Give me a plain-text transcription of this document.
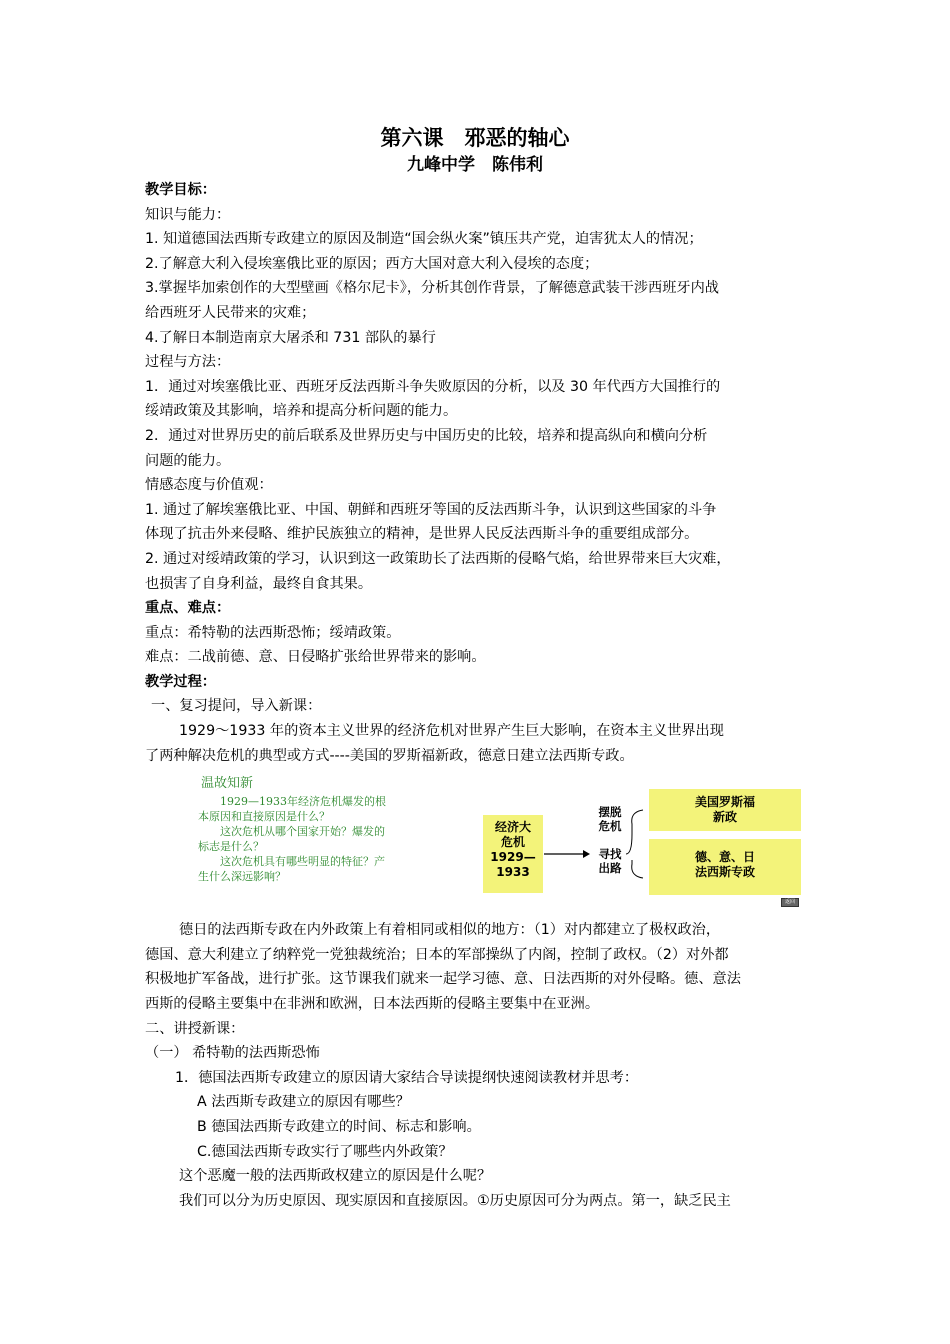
第六课　邪恶的轴心
九峰中学　陈伟利
教学目标：
知识与能力：
1. 知道德国法西斯专政建立的原因及制造“国会纵火案”镇压共产党，迫害犹太人的情况；
2.了解意大利入侵埃塞俄比亚的原因；西方大国对意大利入侵埃的态度；
3.掌握毕加索创作的大型壁画《格尔尼卡》，分析其创作背景，了解德意武装干涉西班牙内战
给西班牙人民带来的灾难；
4.了解日本制造南京大屠杀和 731 部队的暴行
过程与方法：
1．通过对埃塞俄比亚、西班牙反法西斯斗争失败原因的分析，以及 30 年代西方大国推行的
绥靖政策及其影响，培养和提高分析问题的能力。
2．通过对世界历史的前后联系及世界历史与中国历史的比较，培养和提高纵向和横向分析
问题的能力。
情感态度与价值观：
1. 通过了解埃塞俄比亚、中国、朝鲜和西班牙等国的反法西斯斗争，认识到这些国家的斗争
体现了抗击外来侵略、维护民族独立的精神，是世界人民反法西斯斗争的重要组成部分。
2. 通过对绥靖政策的学习，认识到这一政策助长了法西斯的侵略气焰，给世界带来巨大灾难，
也损害了自身利益，最终自食其果。
重点、难点：
重点：希特勒的法西斯恐怖；绥靖政策。
难点：二战前德、意、日侵略扩张给世界带来的影响。
教学过程：
一、复习提问，导入新课：
1929～1933 年的资本主义世界的经济危机对世界产生巨大影响，在资本主义世界出现
了两种解决危机的典型或方式----美国的罗斯福新政，德意日建立法西斯专政。
温故知新
　　1929—1933年经济危机爆发的根
本原因和直接原因是什么？
　　这次危机从哪个国家开始？爆发的
标志是什么？
　　这次危机具有哪些明显的特征？产
生什么深远影响？
经济大
危机
1929—
1933
摆脱
危机
寻找
出路
美国罗斯福
新政
德、意、日
法西斯专政
返回
德日的法西斯专政在内外政策上有着相同或相似的地方：（1）对内都建立了极权政治，
德国、意大利建立了纳粹党一党独裁统治；日本的军部操纵了内阁，控制了政权。（2）对外都
积极地扩军备战，进行扩张。这节课我们就来一起学习德、意、日法西斯的对外侵略。德、意法
西斯的侵略主要集中在非洲和欧洲，日本法西斯的侵略主要集中在亚洲。
二、讲授新课：
（一） 希特勒的法西斯恐怖
1．德国法西斯专政建立的原因请大家结合导读提纲快速阅读教材并思考：
A 法西斯专政建立的原因有哪些？
B 德国法西斯专政建立的时间、标志和影响。
C.德国法西斯专政实行了哪些内外政策？
这个恶魔一般的法西斯政权建立的原因是什么呢？
我们可以分为历史原因、现实原因和直接原因。①历史原因可分为两点。第一，缺乏民主
